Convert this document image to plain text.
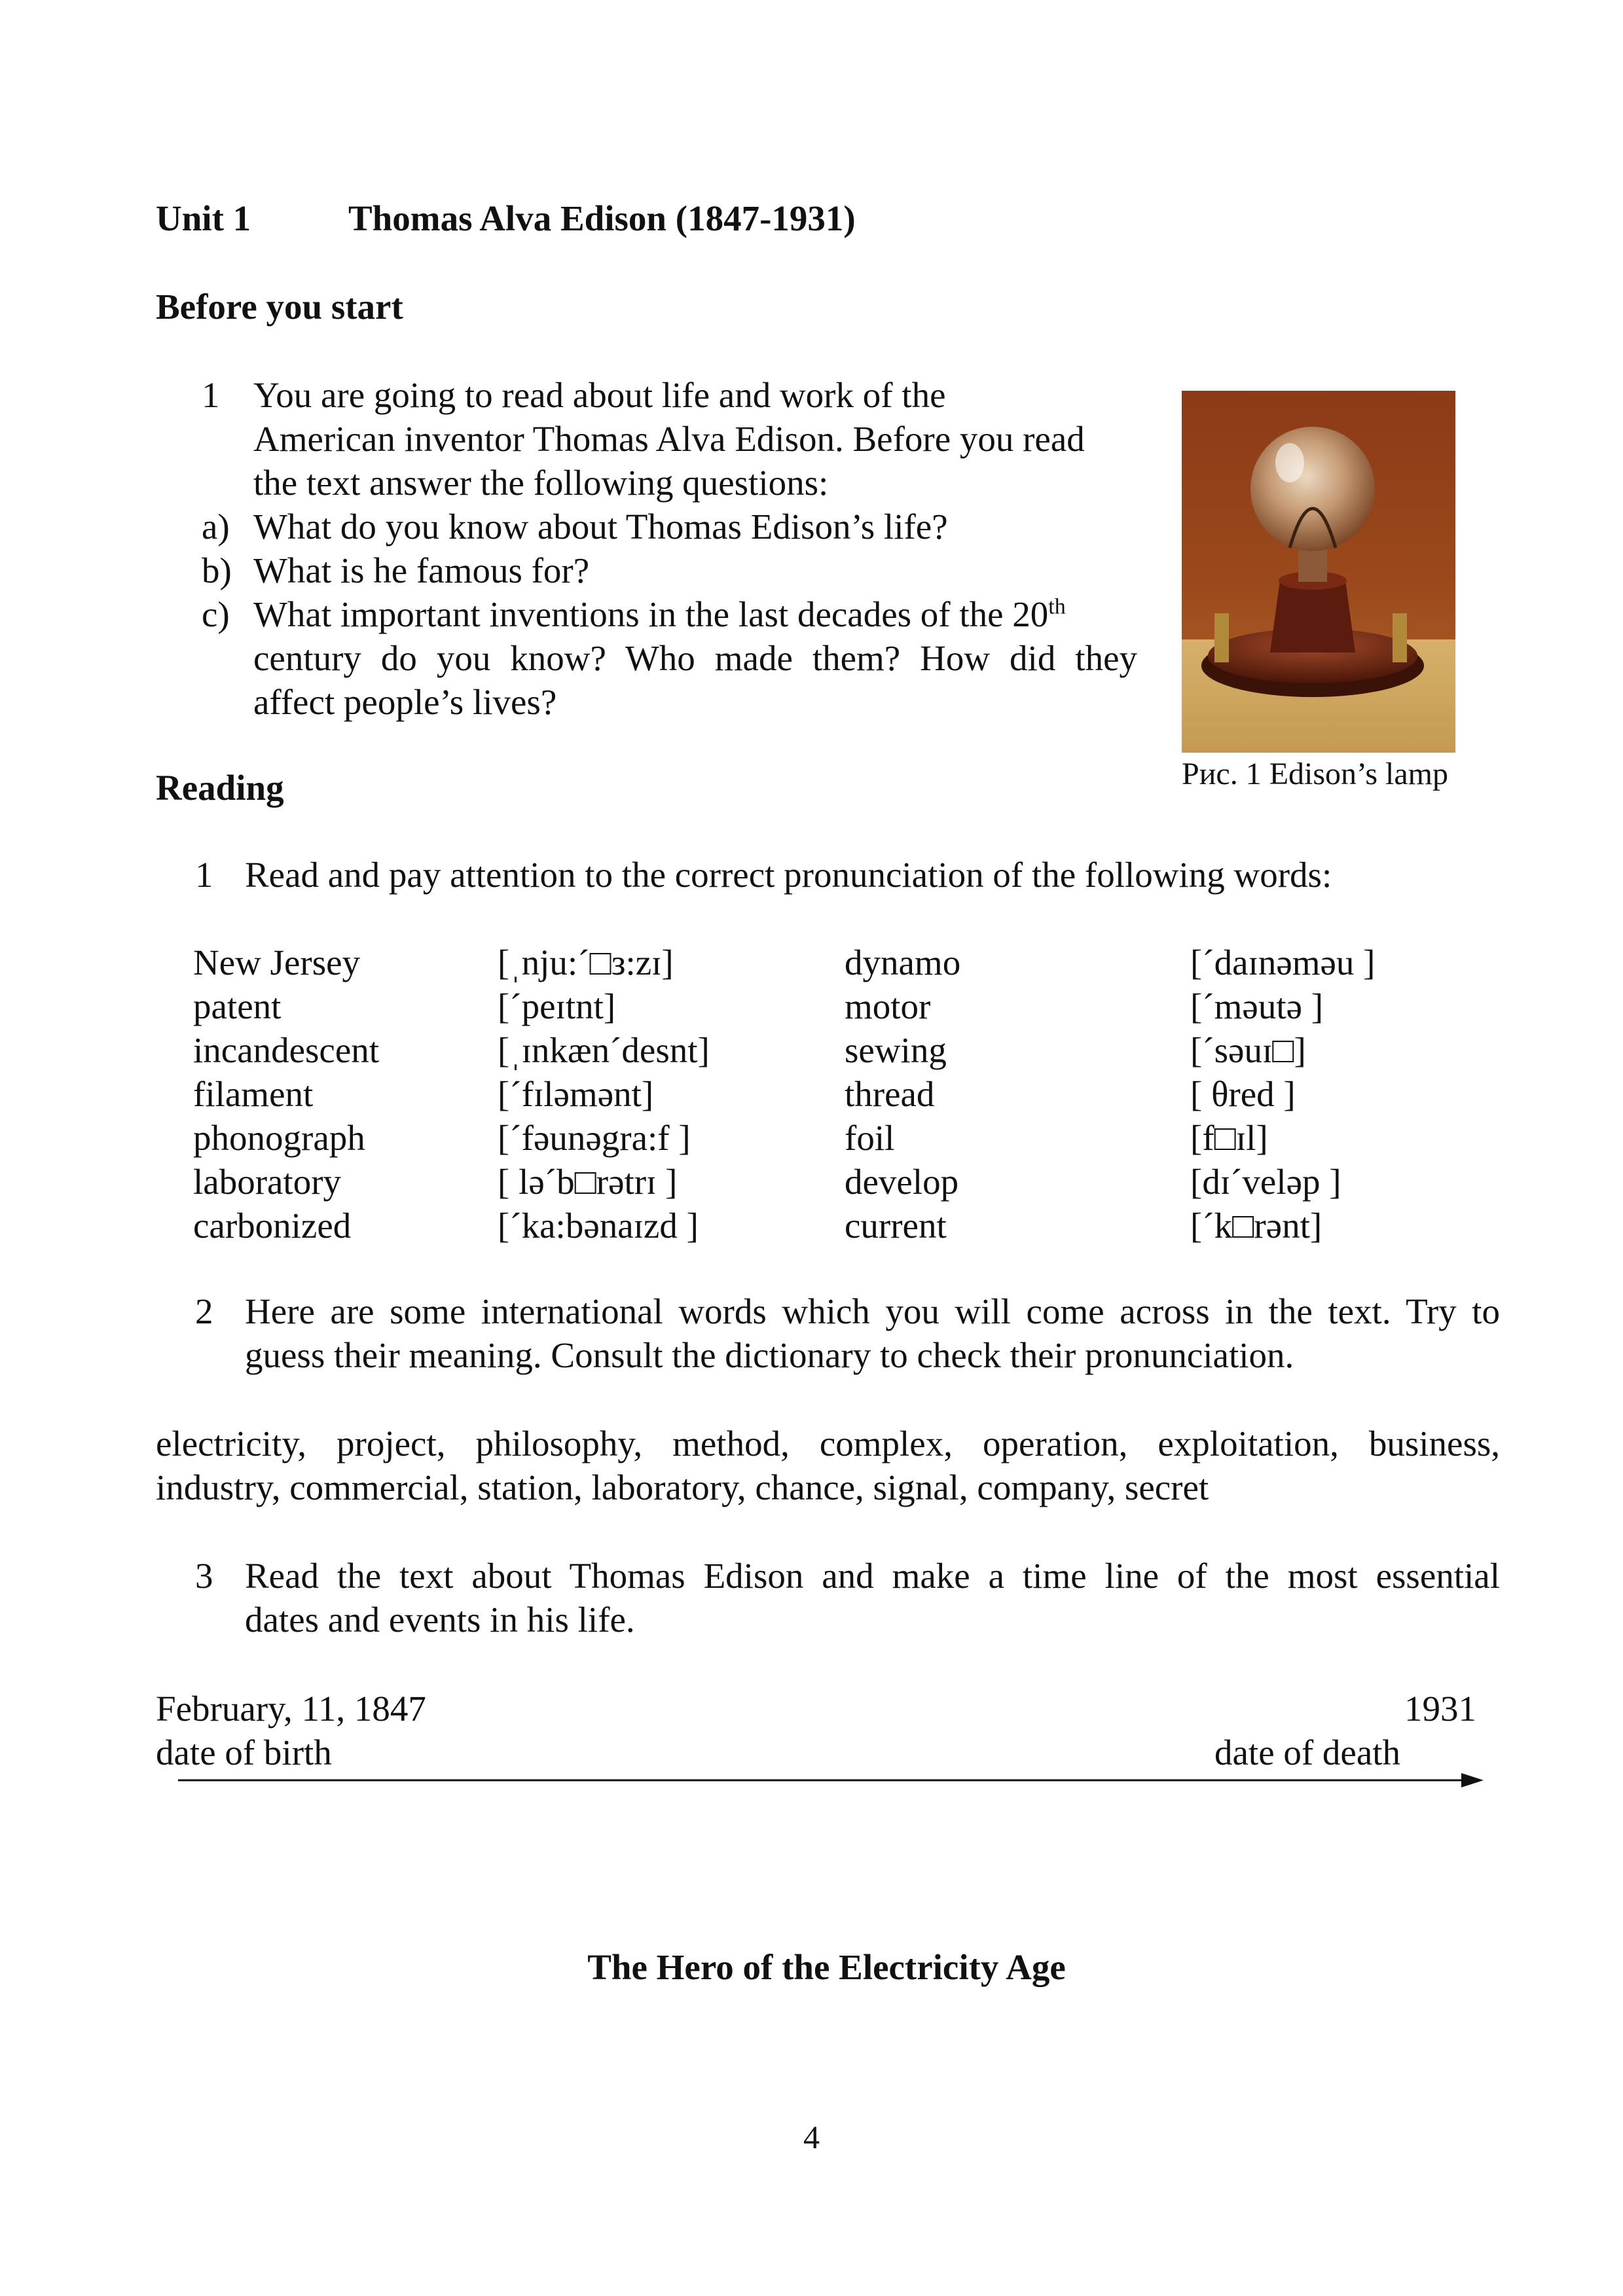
Unit 1	Thomas Alva Edison (1847-1931)
Before you start
1 You are going to read about life and work of the
American inventor Thomas Alva Edison. Before you read
the text answer the following questions:
a) What do you know about Thomas Edison’s life?
b) What is he famous for?
c) What important inventions in the last decades of the 20th
century do you know? Who made them? How did they
affect people’s lives?
Рис. 1 Edison’s lamp
Reading
1 Read and pay attention to the correct pronunciation of the following words:
New Jersey	[ˌnju:ˊ□з:zɪ]	dynamo	[ˊdaɪnəməu ]
patent	[ˊpeɪtnt]	motor	[ˊməutə ]
incandescent	[ˌɪnkænˊdesnt]	sewing	[ˊsəuɪ□]
filament	[ˊfɪləmənt]	thread	[ θred ]
phonograph	[ˊfəunəgra:f ]	foil	[f□ɪl]
laboratory	[ ləˊb□rətrɪ ]	develop	[dɪˊveləp ]
carbonized	[ˊka:bənaɪzd ]	current	[ˊk□rənt]
2 Here are some international words which you will come across in the text. Try to
guess their meaning. Consult the dictionary to check their pronunciation.
electricity, project, philosophy, method, complex, operation, exploitation, business,
industry, commercial, station, laboratory, chance, signal, company, secret
3 Read the text about Thomas Edison and make a time line of the most essential
dates and events in his life.
February, 11, 1847
date of birth
1931
date of death
The Hero of the Electricity Age
4
